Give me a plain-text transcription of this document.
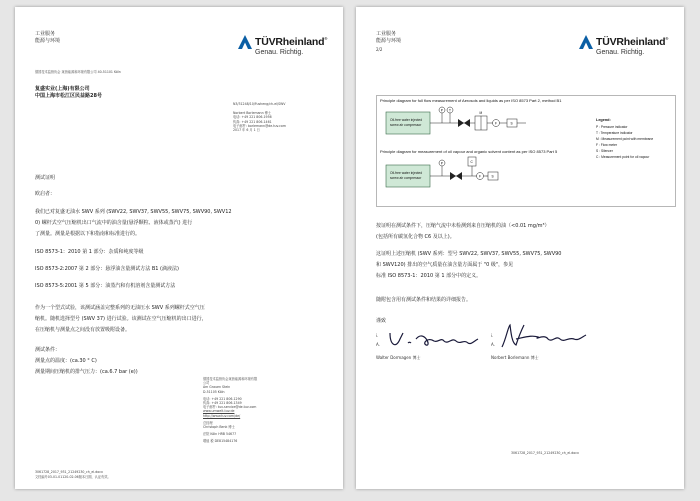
工业服务
能源与环境	TÜVRheinland®
Genau. Richtig.
德国技术监督协会 莱茵能源和环境有限公司 40-51101 Köln
复盛实业(上海)有限公司
中国上海市松江区民益路28号
N3/31248/10/Fusheng/ch-el/SWV
Norbert Borlemann 博士
电话: +49 221 806-1956
传真: +49 221 806-1461
电子邮件: borlemann@de.tuv.com
2017 年 6 月 1 日
测试证明
欧启者：
我们已对复盛无油水 SWV 系列 (SWV22, SWV37, SWV55, SWV75, SWV90, SWV12
0) 螺杆式空气压缩机出口气流中的油含量(悬浮颗粒、液体或蒸汽) 进行
了测量。测量是根据以下和指南和标准进行的。
ISO 8573-1：2010 第 1 部分：杂质和纯度等级
ISO 8573-2:2007 第 2 部分：悬浮油含量测试方法 B1 (滴液法)
ISO 8573-5:2001 第 5 部分：油蒸汽和有机溶剂含量测试方法
作为一个型式试验，该测试涵盖完整系列的无油压水 SWV 系列螺杆式空气压
缩机。随机选择型号 (SWV 37) 进行试验。该测试在空气压缩机的出口进行，
在压缩机与测量点之间没有放置吸附设备。
测试条件：
测量点的温度：(ca.30 ° C)
测量期间压缩机的排气压力：(ca.6.7 bar (e))
德国技术监督协会莱茵能源和环境有限
公司
Am Grauen Stein
D-51105 Köln
电话: +49 221 806-1290
传真: +49 221 806-1349
电子邮件: tuv-service@de.tuv.com
www.umwelt-tuv.de
http://www.tuv.com/de/
总经理
Christoph Benk 博士
法院 Köln HRB 54677
增值 税 DE815484176
3061728_2017_931_21249230_ch_el.docx
文档编号03-01-01120-02-06版本日期，认证有效。
工业服务
能源与环境
2/2
TÜVRheinland®
Genau. Richtig.
Principle diagram for full flow measurement of Aerosols and liquids as per ISO 8573 Part 2, method B1
Oil-free water injected
screw air compressor
P T
M
F	S
Principle diagram for measurement of oil vapour and organic solvent content as per ISO 8573 Part 5
Oil-free water injected
screw air compressor
P	C
F	S
Legend:
P : Pressure indicator
T : Temperature indicator
M : Measurement point with membrane
F : Flow meter
S : Silencer
C : Measurement point for oil vapour
按证明在测试条件下，压缩气流中未检测到来自压缩机的油（<0.01 mg/m³）
(包括所有碳氢化合物 C6 及以上)。
这证明上述压缩机 (SWV 系列：型号 SWV22, SWV37, SWV55, SWV75, SWV90
和 SWV120) 排出的空气质量在油含量方面属于 "0 级"，参见
标准 ISO 8573-1：2010 第 1 部分中的定义。
随附包含用有测试条件和结果的详细报告。
谨致
i.
A.
i.
A.
Walter Dormagen 博士	Norbert Borlemann 博士
3061728_2017_931_21249230_ch_el.docx
